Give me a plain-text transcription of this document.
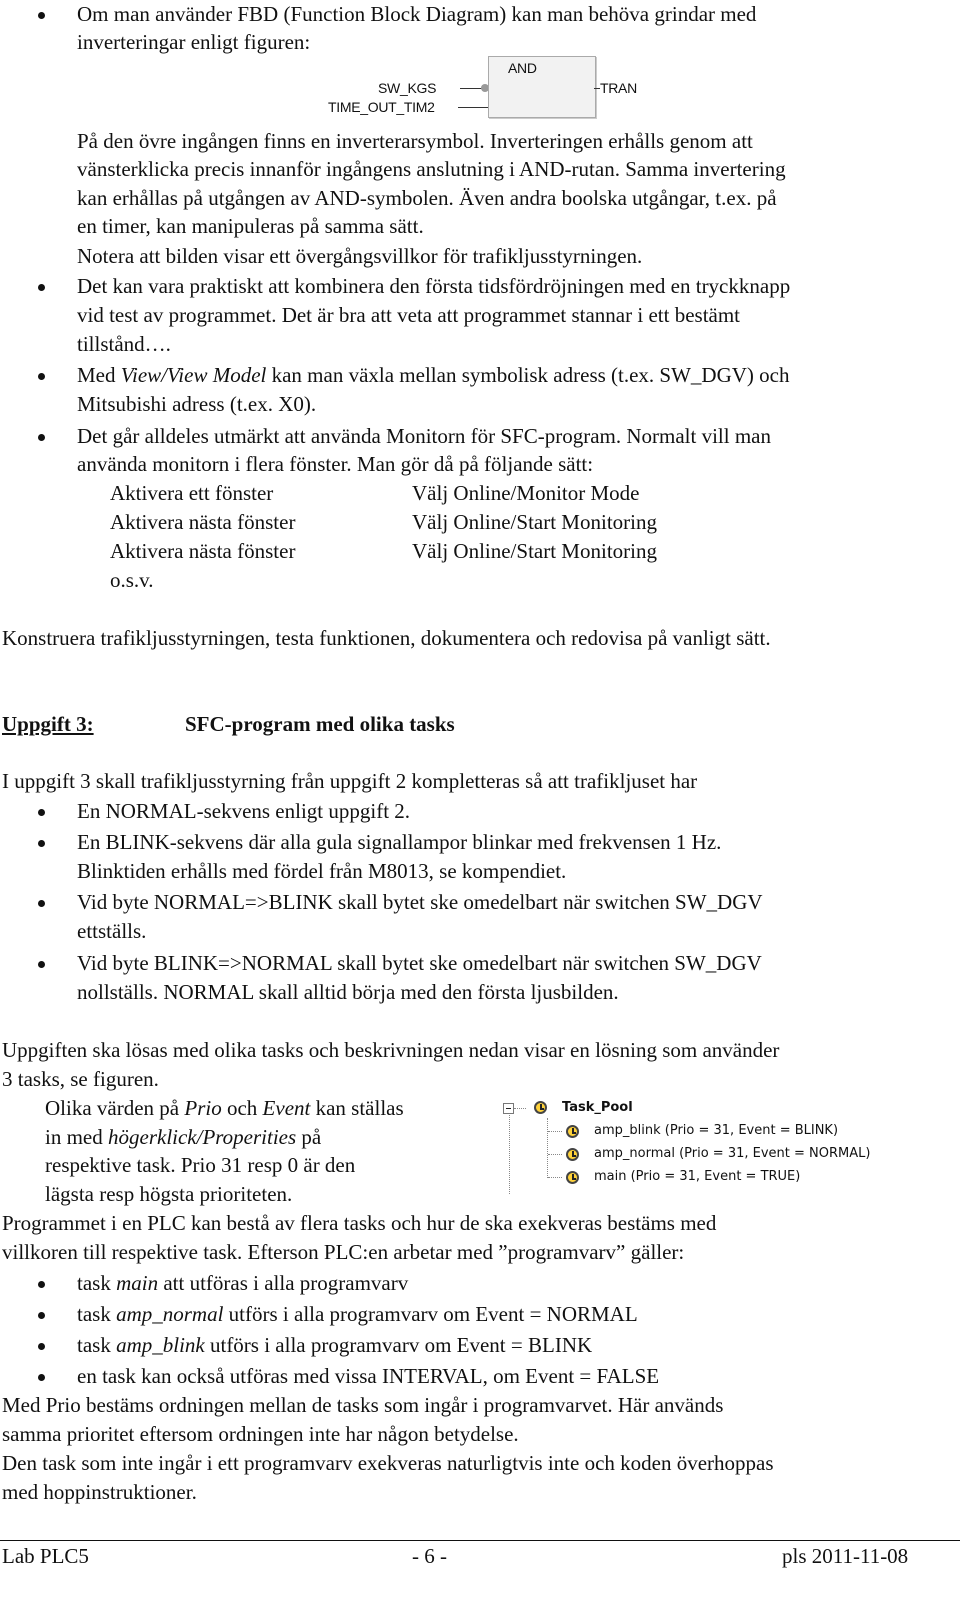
Om man använder FBD (Function Block Diagram) kan man behöva grindar med
inverteringar enligt figuren:
SW_KGS
TIME_OUT_TIM2
AND
TRAN
På den övre ingången finns en inverterarsymbol. Inverteringen erhålls genom att
vänsterklicka precis innanför ingångens anslutning i AND-rutan. Samma invertering
kan erhållas på utgången av AND-symbolen. Även andra boolska utgångar, t.ex. på
en timer, kan manipuleras på samma sätt.
Notera att bilden visar ett övergångsvillkor för trafikljusstyrningen.
Det kan vara praktiskt att kombinera den första tidsfördröjningen med en tryckknapp
vid test av programmet. Det är bra att veta att programmet stannar i ett bestämt
tillstånd….
Med View/View Model kan man växla mellan symbolisk adress (t.ex. SW_DGV) och
Mitsubishi adress (t.ex. X0).
Det går alldeles utmärkt att använda Monitorn för SFC-program. Normalt vill man
använda monitorn i flera fönster. Man gör då på följande sätt:
Aktivera ett fönster	Välj Online/Monitor Mode
Aktivera nästa fönster	Välj Online/Start Monitoring
Aktivera nästa fönster	Välj Online/Start Monitoring
o.s.v.
Konstruera trafikljusstyrningen, testa funktionen, dokumentera och redovisa på vanligt sätt.
Uppgift 3:	SFC-program med olika tasks
I uppgift 3 skall trafikljusstyrning från uppgift 2 kompletteras så att trafikljuset har
En NORMAL-sekvens enligt uppgift 2.
En BLINK-sekvens där alla gula signallampor blinkar med frekvensen 1 Hz.
Blinktiden erhålls med fördel från M8013, se kompendiet.
Vid byte NORMAL=>BLINK skall bytet ske omedelbart när switchen SW_DGV
ettställs.
Vid byte BLINK=>NORMAL skall bytet ske omedelbart när switchen SW_DGV
nollställs. NORMAL skall alltid börja med den första ljusbilden.
Uppgiften ska lösas med olika tasks och beskrivningen nedan visar en lösning som använder
3 tasks, se figuren.
Olika värden på Prio och Event kan ställas
in med högerklick/Properities på
respektive task. Prio 31 resp 0 är den
lägsta resp högsta prioriteten.
Task_Pool
amp_blink (Prio = 31, Event = BLINK)
amp_normal (Prio = 31, Event = NORMAL)
main (Prio = 31, Event = TRUE)
Programmet i en PLC kan bestå av flera tasks och hur de ska exekveras bestäms med
villkoren till respektive task. Efterson PLC:en arbetar med ”programvarv” gäller:
task main att utföras i alla programvarv
task amp_normal utförs i alla programvarv om Event = NORMAL
task amp_blink utförs i alla programvarv om Event = BLINK
en task kan också utföras med vissa INTERVAL, om Event = FALSE
Med Prio bestäms ordningen mellan de tasks som ingår i programvarvet. Här används
samma prioritet eftersom ordningen inte har någon betydelse.
Den task som inte ingår i ett programvarv exekveras naturligtvis inte och koden överhoppas
med hoppinstruktioner.
Lab PLC5	- 6 -	pls 2011-11-08
